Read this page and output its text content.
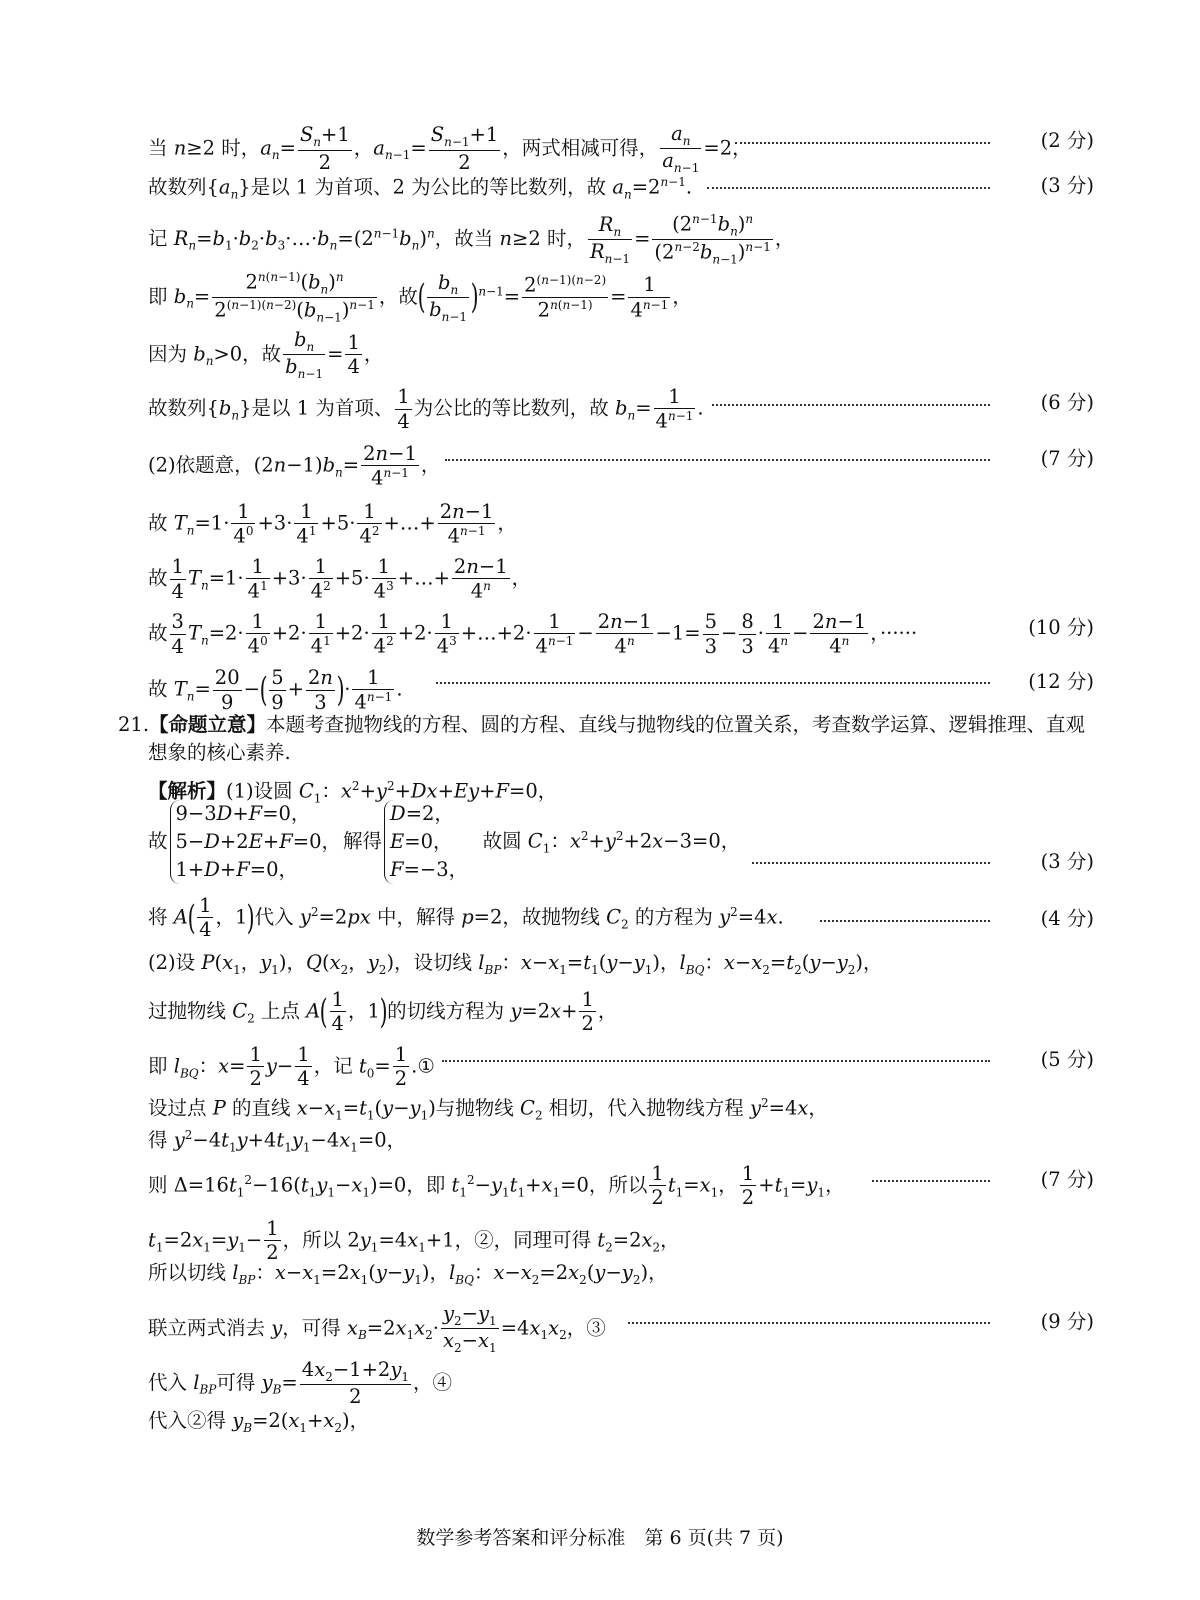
当 n≥2 时，$a_n= \frac{S_n+1}{2}$ ，$a_{n-1}= \frac{S_{n-1}+1}{2}$ ，两式相减可得， $\frac{a_n}{a_{n-1}} =2$，	(2 分)
故数列$\{a_n\}$是以 1 为首项、2 为公比的等比数列，故 $a_n=2^{n-1}$.	(3 分)
记 $R_n=b_1\cdot b_2\cdot b_3\cdot\dots\cdot b_n=(2^{n-1}b_n)^n$，故当 n≥2 时， $\frac{R_n}{R_{n-1}} = \frac{(2^{n-1}b_n)^n}{(2^{n-2}b_{n-1})^{n-1}}$ ，
即 $b_n= \frac{2^{n(n-1)}(b_n)^n}{2^{(n-1)(n-2)}(b_{n-1})^{n-1}}$ ，故( $\frac{b_n}{b_{n-1}} )^{n-1}= \frac{2^{(n-1)(n-2)}}{2^{n(n-1)}} = \frac{1}{4^{n-1}}$ ，
因为 $b_n>0$，故 $\frac{b_n}{b_{n-1}} = \frac{1}{4}$ ，
故数列$\{b_n\}$是以 1 为首项、 $\frac{1}{4}$ 为公比的等比数列，故 $b_n= \frac{1}{4^{n-1}}$ .	(6 分)
(2)依题意，$(2n-1)b_n= \frac{2n-1}{4^{n-1}}$ ，	(7 分)
故 $T_n=1\cdot \frac{1}{4^0} +3\cdot \frac{1}{4^1} +5\cdot \frac{1}{4^2}$ +…+ $\frac{2n-1}{4^{n-1}}$ ，
故 $\frac{1}{4} T_n=1\cdot \frac{1}{4^1} +3\cdot \frac{1}{4^2} +5\cdot \frac{1}{4^3}$ +…+ $\frac{2n-1}{4^n}$ ，
故 $\frac{3}{4} T_n=2\cdot \frac{1}{4^0} +2\cdot \frac{1}{4^1} +2\cdot \frac{1}{4^2} +2\cdot \frac{1}{4^3}$ +…+2· $\frac{1}{4^{n-1}} - \frac{2n-1}{4^n} -1= \frac{5}{3} - \frac{8}{3} \cdot \frac{1}{4^n} - \frac{2n-1}{4^n}$ ，······	(10 分)
故 $T_n= \frac{20}{9}$ −( $\frac{5}{9} + \frac{2n}{3}$ )· $\frac{1}{4^{n-1}}$ .	(12 分)
21.【命题立意】本题考查抛物线的方程、圆的方程、直线与抛物线的位置关系，考查数学运算、逻辑推理、直观
想象的核心素养.
【解析】(1)设圆 $C_1$：$x^2+y^2+Dx+Ey+F=0$，
故
9−3D+F=0，
5−D+2E+F=0，
1+D+F=0，
解得
D=2，
E=0，
F=−3，
故圆 $C_1$：$x^2+y^2+2x-3=0$，
(3 分)
将 $A( \frac{1}{4}$ ，1)代入 $y^2=2px$ 中，解得 p=2，故抛物线 $C_2$ 的方程为 $y^2=4x$.	(4 分)
(2)设 $P(x_1$，$y_1$)，$Q(x_2$，$y_2$)，设切线 $l_{BP}$：$x-x_1=t_1(y-y_1)$，$l_{BQ}$：$x-x_2=t_2(y-y_2)$，
过抛物线 $C_2$ 上点 $A( \frac{1}{4}$ ，1)的切线方程为 $y=2x+ \frac{1}{2}$ ，
即 $l_{BQ}$：$x= \frac{1}{2} y- \frac{1}{4}$ ，记 $t_0= \frac{1}{2}$ .①	(5 分)
设过点 P 的直线 $x-x_1=t_1(y-y_1)$与抛物线 $C_2$ 相切，代入抛物线方程 $y^2=4x$，
得 $y^2-4t_1y+4t_1y_1-4x_1=0$，
则 $\Delta=16t_1^2-16(t_1y_1-x_1)=0$，即 $t_1^2-y_1t_1+x_1=0$，所以 $\frac{1}{2} t_1=x_1$， $\frac{1}{2} +t_1=y_1$，	(7 分)
$t_1=2x_1=y_1- \frac{1}{2}$ ，所以 $2y_1=4x_1+1$，②，同理可得 $t_2=2x_2$，
所以切线 $l_{BP}$：$x-x_1=2x_1(y-y_1)$，$l_{BQ}$：$x-x_2=2x_2(y-y_2)$，
联立两式消去 y，可得 $x_B=2x_1x_2\cdot \frac{y_2-y_1}{x_2-x_1} =4x_1x_2$，③	(9 分)
代入 $l_{BP}$可得 $y_B= \frac{4x_2-1+2y_1}{2}$ ，④
代入②得 $y_B=2(x_1+x_2)$，
数学参考答案和评分标准　第 6 页(共 7 页)
